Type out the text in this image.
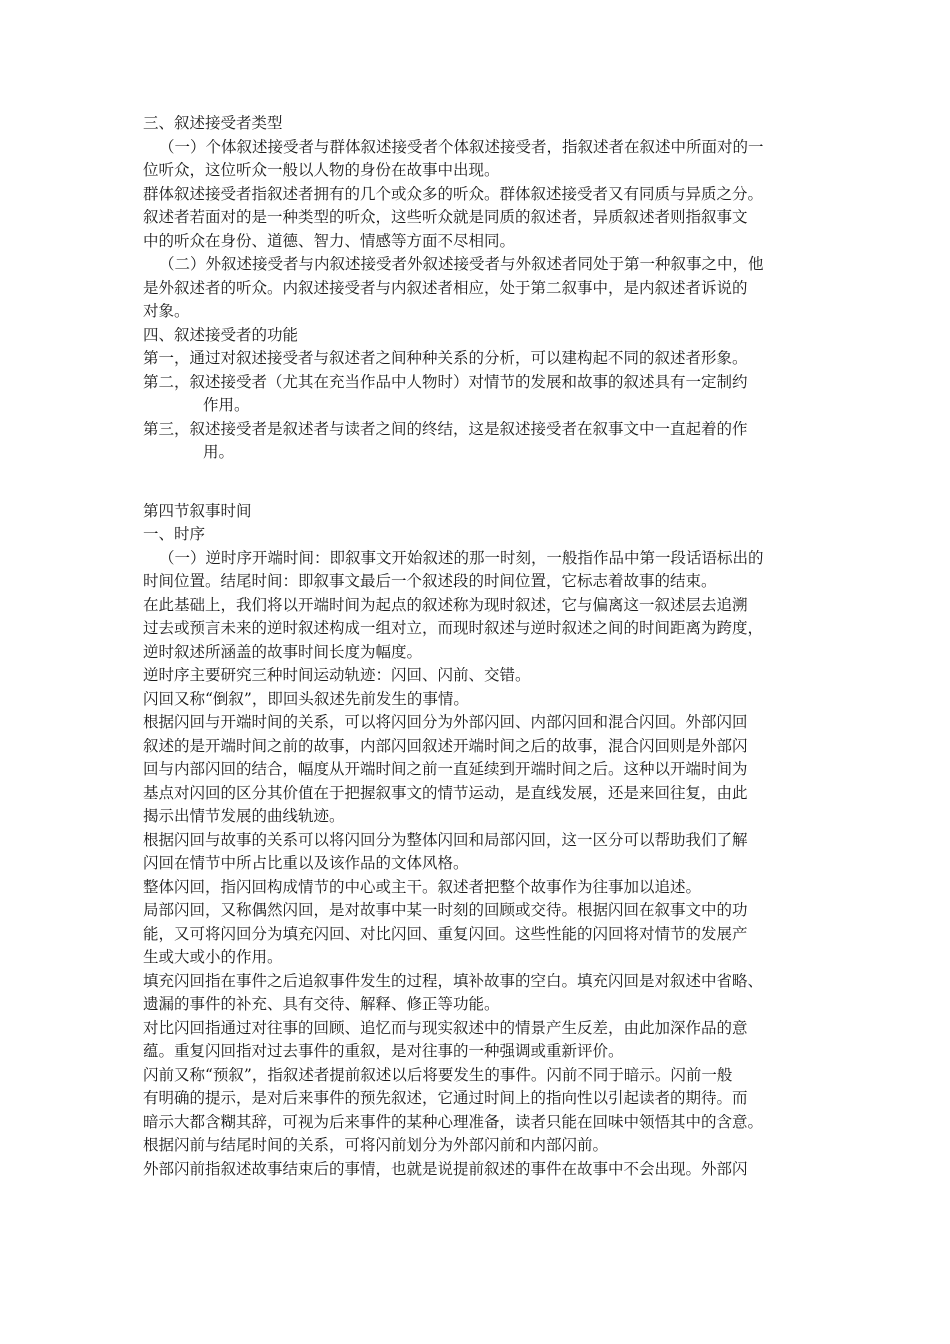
三、叙述接受者类型
（一）个体叙述接受者与群体叙述接受者个体叙述接受者，指叙述者在叙述中所面对的一
位听众，这位听众一般以人物的身份在故事中出现。
群体叙述接受者指叙述者拥有的几个或众多的听众。群体叙述接受者又有同质与异质之分。
叙述者若面对的是一种类型的听众，这些听众就是同质的叙述者，异质叙述者则指叙事文
中的听众在身份、道德、智力、情感等方面不尽相同。
（二）外叙述接受者与内叙述接受者外叙述接受者与外叙述者同处于第一种叙事之中，他
是外叙述者的听众。内叙述接受者与内叙述者相应，处于第二叙事中，是内叙述者诉说的
对象。
四、叙述接受者的功能
第一，通过对叙述接受者与叙述者之间种种关系的分析，可以建构起不同的叙述者形象。
第二，叙述接受者（尤其在充当作品中人物时）对情节的发展和故事的叙述具有一定制约
作用。
第三，叙述接受者是叙述者与读者之间的终结，这是叙述接受者在叙事文中一直起着的作
用。
第四节叙事时间
一、时序
（一）逆时序开端时间：即叙事文开始叙述的那一时刻，一般指作品中第一段话语标出的
时间位置。结尾时间：即叙事文最后一个叙述段的时间位置，它标志着故事的结束。
在此基础上，我们将以开端时间为起点的叙述称为现时叙述，它与偏离这一叙述层去追溯
过去或预言未来的逆时叙述构成一组对立，而现时叙述与逆时叙述之间的时间距离为跨度，
逆时叙述所涵盖的故事时间长度为幅度。
逆时序主要研究三种时间运动轨迹：闪回、闪前、交错。
闪回又称“倒叙”，即回头叙述先前发生的事情。
根据闪回与开端时间的关系，可以将闪回分为外部闪回、内部闪回和混合闪回。外部闪回
叙述的是开端时间之前的故事，内部闪回叙述开端时间之后的故事，混合闪回则是外部闪
回与内部闪回的结合，幅度从开端时间之前一直延续到开端时间之后。这种以开端时间为
基点对闪回的区分其价值在于把握叙事文的情节运动，是直线发展，还是来回往复，由此
揭示出情节发展的曲线轨迹。
根据闪回与故事的关系可以将闪回分为整体闪回和局部闪回，这一区分可以帮助我们了解
闪回在情节中所占比重以及该作品的文体风格。
整体闪回，指闪回构成情节的中心或主干。叙述者把整个故事作为往事加以追述。
局部闪回，又称偶然闪回，是对故事中某一时刻的回顾或交待。根据闪回在叙事文中的功
能，又可将闪回分为填充闪回、对比闪回、重复闪回。这些性能的闪回将对情节的发展产
生或大或小的作用。
填充闪回指在事件之后追叙事件发生的过程，填补故事的空白。填充闪回是对叙述中省略、
遗漏的事件的补充、具有交待、解释、修正等功能。
对比闪回指通过对往事的回顾、追忆而与现实叙述中的情景产生反差，由此加深作品的意
蕴。重复闪回指对过去事件的重叙，是对往事的一种强调或重新评价。
闪前又称“预叙”，指叙述者提前叙述以后将要发生的事件。闪前不同于暗示。闪前一般
有明确的提示，是对后来事件的预先叙述，它通过时间上的指向性以引起读者的期待。而
暗示大都含糊其辞，可视为后来事件的某种心理准备，读者只能在回味中领悟其中的含意。
根据闪前与结尾时间的关系，可将闪前划分为外部闪前和内部闪前。
外部闪前指叙述故事结束后的事情，也就是说提前叙述的事件在故事中不会出现。外部闪
